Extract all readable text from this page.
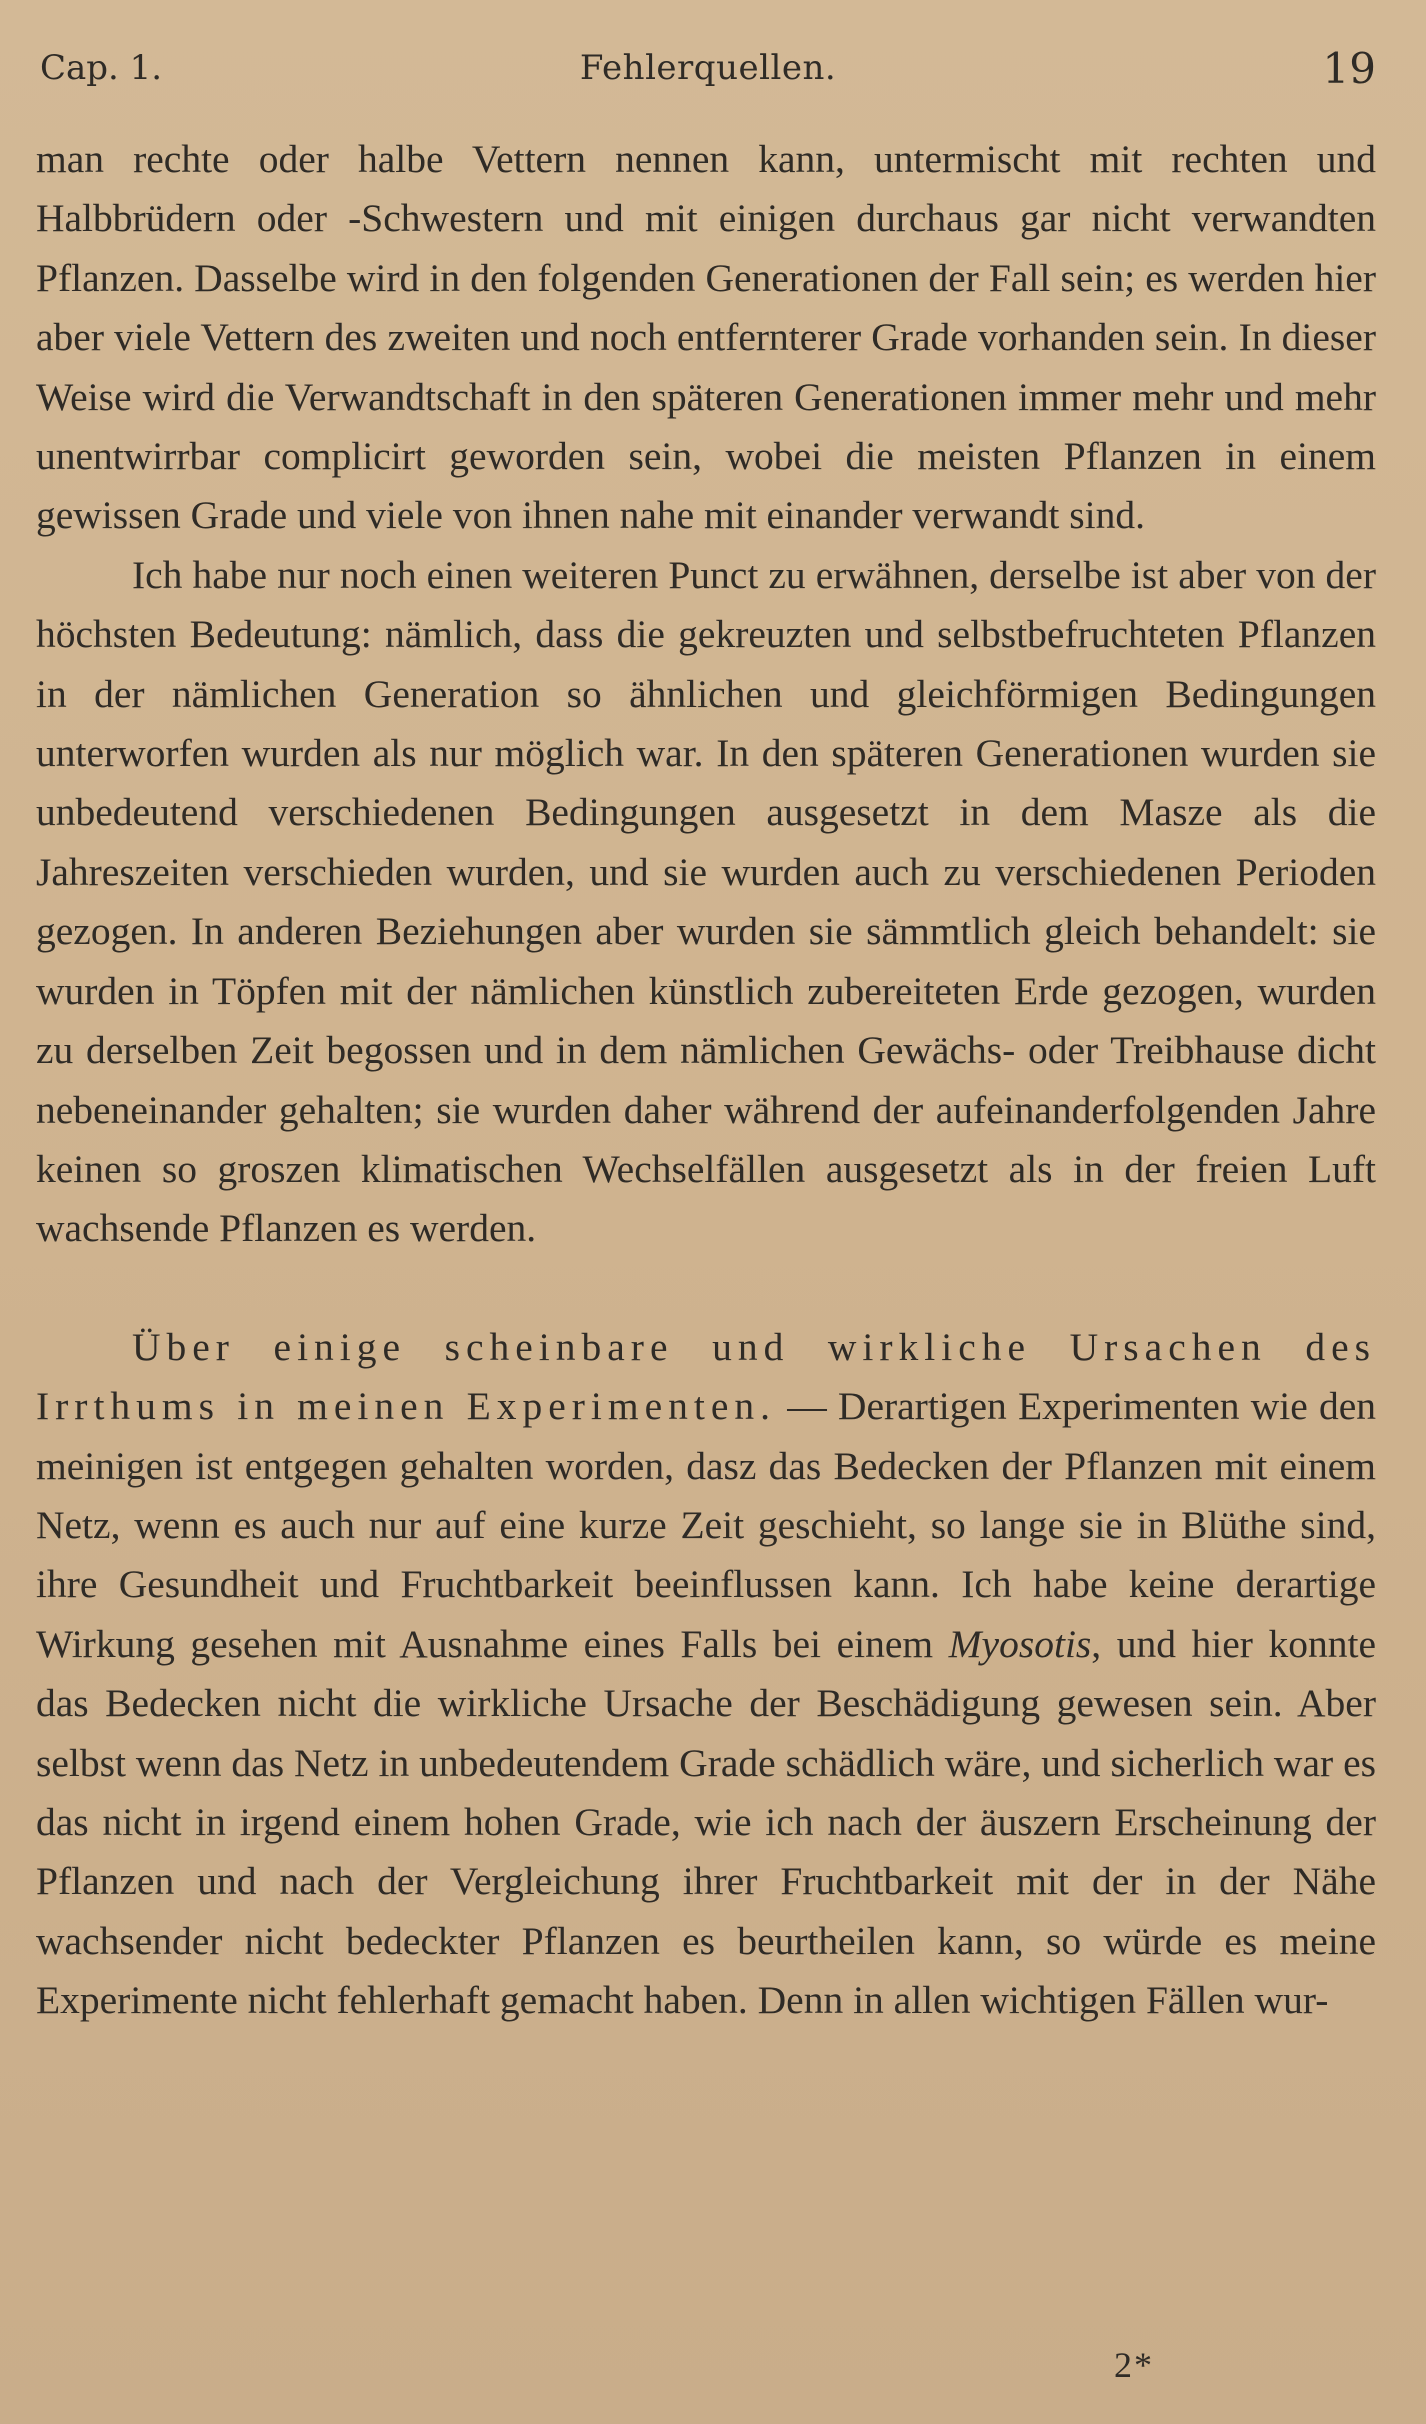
Cap. 1.	Fehlerquellen.	19

man rechte oder halbe Vettern nennen kann, untermischt mit rechten und Halbbrüdern oder -Schwestern und mit einigen durchaus gar nicht verwandten Pflanzen. Dasselbe wird in den folgenden Generationen der Fall sein; es werden hier aber viele Vettern des zweiten und noch entfernterer Grade vorhanden sein. In dieser Weise wird die Verwandtschaft in den späteren Generationen immer mehr und mehr unentwirrbar complicirt geworden sein, wobei die meisten Pflanzen in einem gewissen Grade und viele von ihnen nahe mit einander verwandt sind.

Ich habe nur noch einen weiteren Punct zu erwähnen, derselbe ist aber von der höchsten Bedeutung: nämlich, dass die gekreuzten und selbstbefruchteten Pflanzen in der nämlichen Generation so ähnlichen und gleichförmigen Bedingungen unterworfen wurden als nur möglich war. In den späteren Generationen wurden sie unbedeutend verschiedenen Bedingungen ausgesetzt in dem Masze als die Jahreszeiten verschieden wurden, und sie wurden auch zu verschiedenen Perioden gezogen. In anderen Beziehungen aber wurden sie sämmtlich gleich behandelt: sie wurden in Töpfen mit der nämlichen künstlich zubereiteten Erde gezogen, wurden zu derselben Zeit begossen und in dem nämlichen Gewächs- oder Treibhause dicht nebeneinander gehalten; sie wurden daher während der aufeinanderfolgenden Jahre keinen so groszen klimatischen Wechselfällen ausgesetzt als in der freien Luft wachsende Pflanzen es werden.

Über einige scheinbare und wirkliche Ursachen des Irrthums in meinen Experimenten. — Derartigen Experimenten wie den meinigen ist entgegen gehalten worden, dasz das Bedecken der Pflanzen mit einem Netz, wenn es auch nur auf eine kurze Zeit geschieht, so lange sie in Blüthe sind, ihre Gesundheit und Fruchtbarkeit beeinflussen kann. Ich habe keine derartige Wirkung gesehen mit Ausnahme eines Falls bei einem Myosotis, und hier konnte das Bedecken nicht die wirkliche Ursache der Beschädigung gewesen sein. Aber selbst wenn das Netz in unbedeutendem Grade schädlich wäre, und sicherlich war es das nicht in irgend einem hohen Grade, wie ich nach der äuszern Erscheinung der Pflanzen und nach der Vergleichung ihrer Fruchtbarkeit mit der in der Nähe wachsender nicht bedeckter Pflanzen es beurtheilen kann, so würde es meine Experimente nicht fehlerhaft gemacht haben. Denn in allen wichtigen Fällen wur-

2*
